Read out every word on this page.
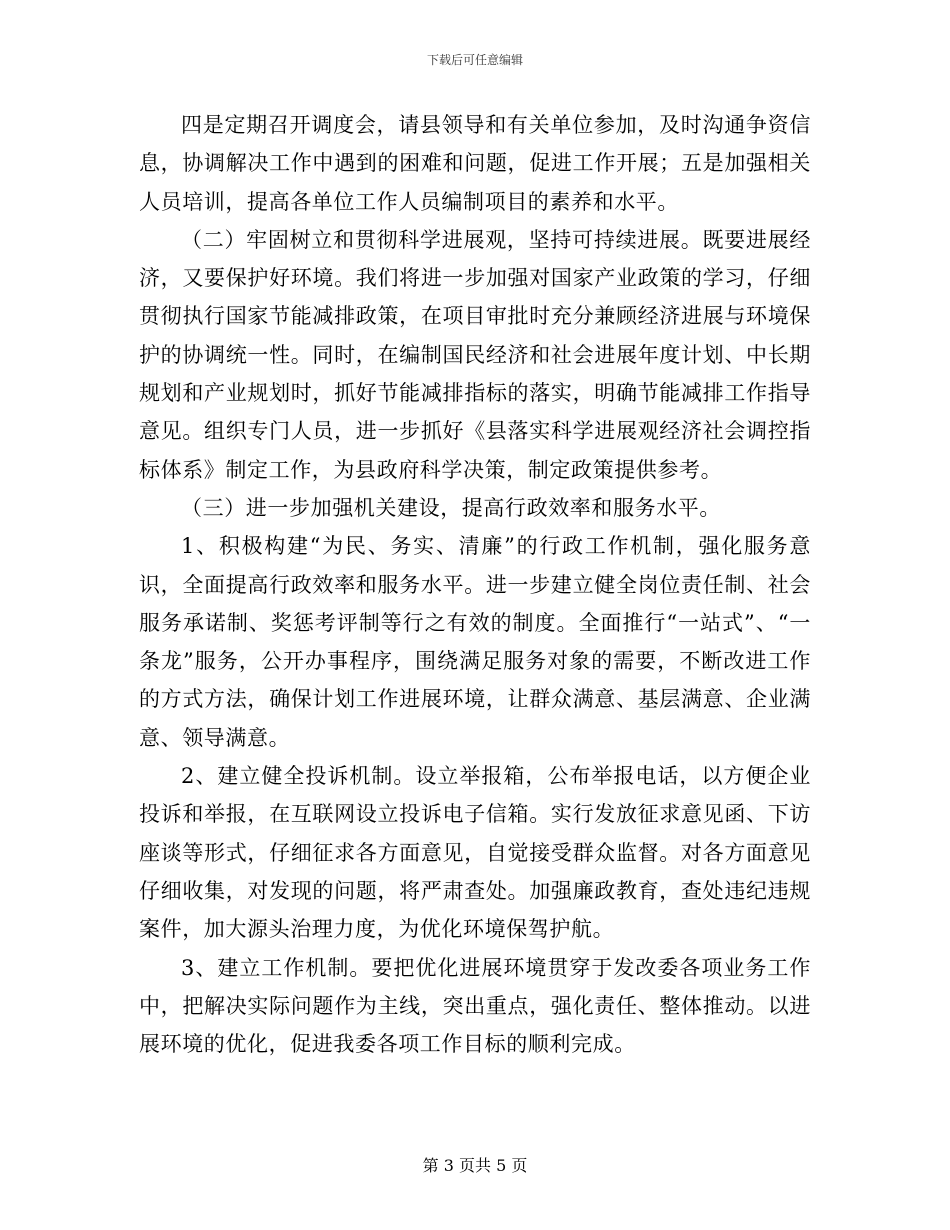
下载后可任意编辑

四是定期召开调度会，请县领导和有关单位参加，及时沟通争资信息，协调解决工作中遇到的困难和问题，促进工作开展；五是加强相关人员培训，提高各单位工作人员编制项目的素养和水平。

（二）牢固树立和贯彻科学进展观，坚持可持续进展。既要进展经济，又要保护好环境。我们将进一步加强对国家产业政策的学习，仔细贯彻执行国家节能减排政策，在项目审批时充分兼顾经济进展与环境保护的协调统一性。同时，在编制国民经济和社会进展年度计划、中长期规划和产业规划时，抓好节能减排指标的落实，明确节能减排工作指导意见。组织专门人员，进一步抓好《县落实科学进展观经济社会调控指标体系》制定工作，为县政府科学决策，制定政策提供参考。

（三）进一步加强机关建设，提高行政效率和服务水平。

1、积极构建“为民、务实、清廉”的行政工作机制，强化服务意识，全面提高行政效率和服务水平。进一步建立健全岗位责任制、社会服务承诺制、奖惩考评制等行之有效的制度。全面推行“一站式”、“一条龙”服务，公开办事程序，围绕满足服务对象的需要，不断改进工作的方式方法，确保计划工作进展环境，让群众满意、基层满意、企业满意、领导满意。

2、建立健全投诉机制。设立举报箱，公布举报电话，以方便企业投诉和举报，在互联网设立投诉电子信箱。实行发放征求意见函、下访座谈等形式，仔细征求各方面意见，自觉接受群众监督。对各方面意见仔细收集，对发现的问题，将严肃查处。加强廉政教育，查处违纪违规案件，加大源头治理力度，为优化环境保驾护航。

3、建立工作机制。要把优化进展环境贯穿于发改委各项业务工作中，把解决实际问题作为主线，突出重点，强化责任、整体推动。以进展环境的优化，促进我委各项工作目标的顺利完成。

第 3 页共 5 页
